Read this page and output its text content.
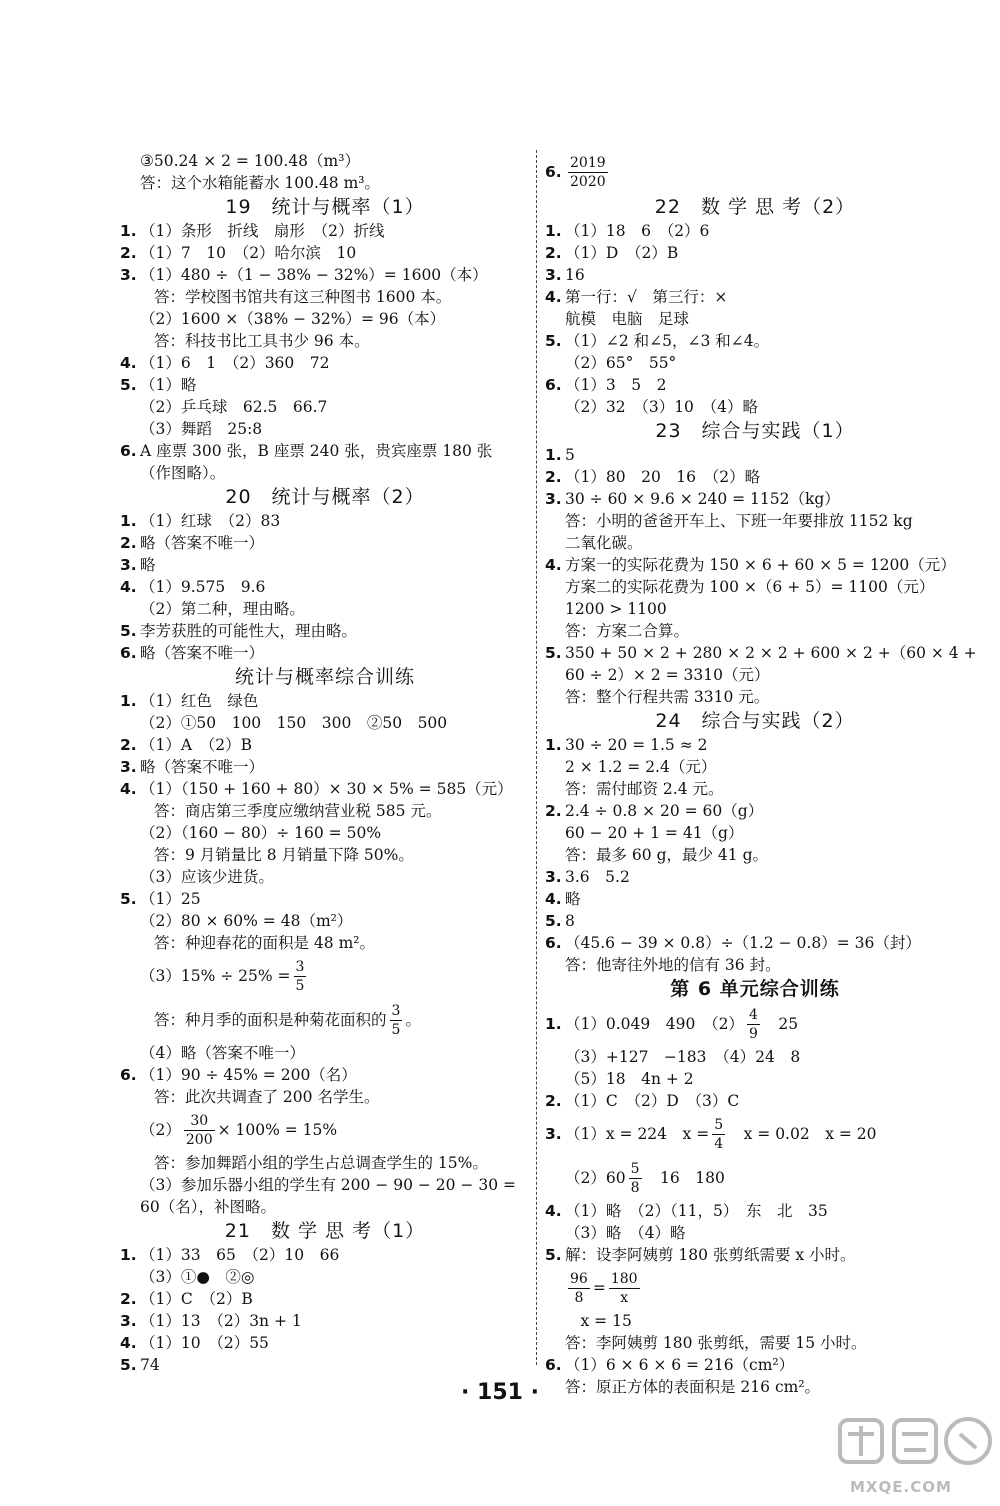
③50.24 × 2 = 100.48（m³）
答：这个水箱能蓄水 100.48 m³。
19　统计与概率（1）
1. （1）条形　折线　扇形　（2）折线
2. （1）7　10　（2）哈尔滨　10
3. （1）480 ÷（1 − 38% − 32%）= 1600（本）
答：学校图书馆共有这三种图书 1600 本。
（2）1600 ×（38% − 32%）= 96（本）
答：科技书比工具书少 96 本。
4. （1）6　1　（2）360　72
5. （1）略
（2）乒乓球　62.5　66.7
（3）舞蹈　25:8
6. A 座票 300 张，B 座票 240 张，贵宾座票 180 张
（作图略）。
20　统计与概率（2）
1. （1）红球　（2）83
2. 略（答案不唯一）
3. 略
4. （1）9.575　9.6
（2）第二种，理由略。
5. 李芳获胜的可能性大，理由略。
6. 略（答案不唯一）
统计与概率综合训练
1. （1）红色　绿色
（2）①50　100　150　300　②50　500
2. （1）A　（2）B
3. 略（答案不唯一）
4. （1）（150 + 160 + 80）× 30 × 5% = 585（元）
答：商店第三季度应缴纳营业税 585 元。
（2）（160 − 80）÷ 160 = 50%
答：9 月销量比 8 月销量下降 50%。
（3）应该少进货。
5. （1）25
（2）80 × 60% = 48（m²）
答：种迎春花的面积是 48 m²。
$(3)15\% \div 25\% = \frac{3}{5}$
答：种月季的面积是种菊花面积的 $\frac{3}{5}$ 。
（4）略（答案不唯一）
6. （1）90 ÷ 45% = 200（名）
答：此次共调查了 200 名学生。
$(2) \frac{30}{200} \times 100\% = 15\%$
答：参加舞蹈小组的学生占总调查学生的 15%。
（3）参加乐器小组的学生有 200 − 90 − 20 − 30 =
60（名），补图略。
21　数 学 思 考（1）
1. （1）33　65　（2）10　66
（3）①●　②◎
2. （1）C　（2）B
3. （1）13　（2）3n + 1
4. （1）10　（2）55
5. 74
6. $\frac{2019}{2020}$
22　数 学 思 考（2）
1. （1）18　6　（2）6
2. （1）D　（2）B
3. 16
4. 第一行：√　第三行：×
航模　电脑　足球
5. （1）∠2 和∠5，∠3 和∠4。
（2）65°　55°
6. （1）3　5　2
（2）32　（3）10　（4）略
23　综合与实践（1）
1. 5
2. （1）80　20　16　（2）略
3. 30 ÷ 60 × 9.6 × 240 = 1152（kg）
答：小明的爸爸开车上、下班一年要排放 1152 kg
二氧化碳。
4. 方案一的实际花费为 150 × 6 + 60 × 5 = 1200（元）
方案二的实际花费为 100 ×（6 + 5）= 1100（元）
1200 > 1100
答：方案二合算。
5. 350 + 50 × 2 + 280 × 2 × 2 + 600 × 2 +（60 × 4 +
60 ÷ 2）× 2 = 3310（元）
答：整个行程共需 3310 元。
24　综合与实践（2）
1. 30 ÷ 20 = 1.5 ≈ 2
2 × 1.2 = 2.4（元）
答：需付邮资 2.4 元。
2. 2.4 ÷ 0.8 × 20 = 60（g）
60 − 20 + 1 = 41（g）
答：最多 60 g，最少 41 g。
3. 3.6　5.2
4. 略
5. 8
6. （45.6 − 39 × 0.8）÷（1.2 − 0.8）= 36（封）
答：他寄往外地的信有 36 封。
第 6 单元综合训练
1. （1）0.049　490　$(2) \frac{4}{9}$ 　25
（3）+127　−183　（4）24　8
（5）18　4n + 2
2. （1）C　（2）D　（3）C
3. （1）x = 224　$x = \frac{5}{4}$ 　x = 0.02　x = 20
$(2)60 \frac{5}{8}$ 　16　180
4. （1）略　（2）（11，5）　东　北　35
（3）略　（4）略
5. 解：设李阿姨剪 180 张剪纸需要 x 小时。
$\frac{96}{8} = \frac{180}{x}$
　x = 15
答：李阿姨剪 180 张剪纸，需要 15 小时。
6. （1）6 × 6 × 6 = 216（cm²）
答：原正方体的表面积是 216 cm²。
· 151 ·
MXQE.COM
